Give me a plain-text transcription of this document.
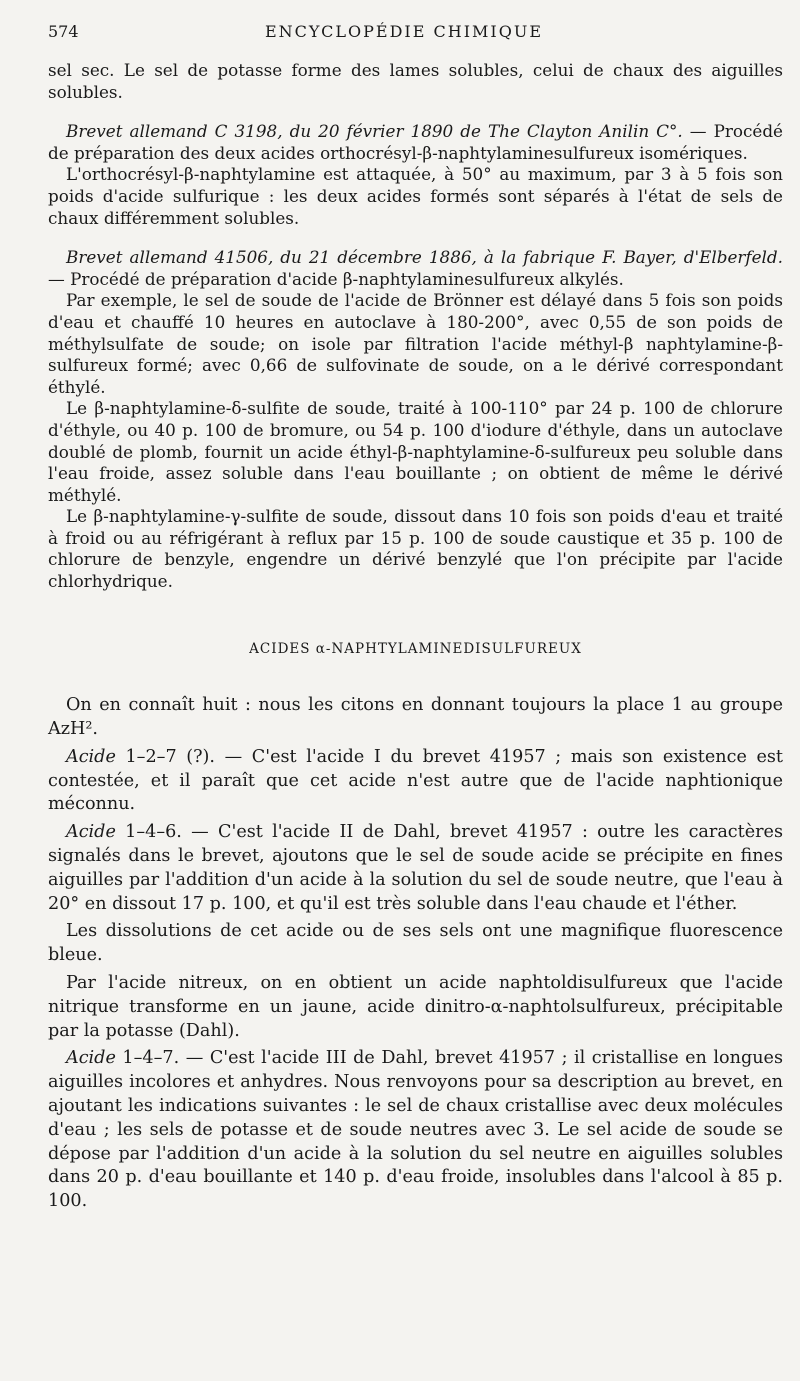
574	ENCYCLOPÉDIE CHIMIQUE

sel sec. Le sel de potasse forme des lames solubles, celui de chaux des aiguilles solubles.

Brevet allemand C 3198, du 20 février 1890 de The Clayton Anilin C°. — Procédé de préparation des deux acides orthocrésyl-β-naphtylaminesulfureux isomériques.

L'orthocrésyl-β-naphtylamine est attaquée, à 50° au maximum, par 3 à 5 fois son poids d'acide sulfurique : les deux acides formés sont séparés à l'état de sels de chaux différemment solubles.

Brevet allemand 41506, du 21 décembre 1886, à la fabrique F. Bayer, d'Elberfeld. — Procédé de préparation d'acide β-naphtylaminesulfureux alkylés.

Par exemple, le sel de soude de l'acide de Brönner est délayé dans 5 fois son poids d'eau et chauffé 10 heures en autoclave à 180-200°, avec 0,55 de son poids de méthylsulfate de soude; on isole par filtration l'acide méthyl-β naphtylamine-β-sulfureux formé; avec 0,66 de sulfovinate de soude, on a le dérivé correspondant éthylé.

Le β-naphtylamine-δ-sulfite de soude, traité à 100-110° par 24 p. 100 de chlorure d'éthyle, ou 40 p. 100 de bromure, ou 54 p. 100 d'iodure d'éthyle, dans un autoclave doublé de plomb, fournit un acide éthyl-β-naphtylamine-δ-sulfureux peu soluble dans l'eau froide, assez soluble dans l'eau bouillante ; on obtient de même le dérivé méthylé.

Le β-naphtylamine-γ-sulfite de soude, dissout dans 10 fois son poids d'eau et traité à froid ou au réfrigérant à reflux par 15 p. 100 de soude caustique et 35 p. 100 de chlorure de benzyle, engendre un dérivé benzylé que l'on précipite par l'acide chlorhydrique.

ACIDES α-NAPHTYLAMINEDISULFUREUX

On en connaît huit : nous les citons en donnant toujours la place 1 au groupe AzH².

Acide 1–2–7 (?). — C'est l'acide I du brevet 41957 ; mais son existence est contestée, et il paraît que cet acide n'est autre que de l'acide naphtionique méconnu.

Acide 1–4–6. — C'est l'acide II de Dahl, brevet 41957 : outre les caractères signalés dans le brevet, ajoutons que le sel de soude acide se précipite en fines aiguilles par l'addition d'un acide à la solution du sel de soude neutre, que l'eau à 20° en dissout 17 p. 100, et qu'il est très soluble dans l'eau chaude et l'éther.

Les dissolutions de cet acide ou de ses sels ont une magnifique fluorescence bleue.

Par l'acide nitreux, on en obtient un acide naphtoldisulfureux que l'acide nitrique transforme en un jaune, acide dinitro-α-naphtolsulfureux, précipitable par la potasse (Dahl).

Acide 1–4–7. — C'est l'acide III de Dahl, brevet 41957 ; il cristallise en longues aiguilles incolores et anhydres. Nous renvoyons pour sa description au brevet, en ajoutant les indications suivantes : le sel de chaux cristallise avec deux molécules d'eau ; les sels de potasse et de soude neutres avec 3. Le sel acide de soude se dépose par l'addition d'un acide à la solution du sel neutre en aiguilles solubles dans 20 p. d'eau bouillante et 140 p. d'eau froide, insolubles dans l'alcool à 85 p. 100.
